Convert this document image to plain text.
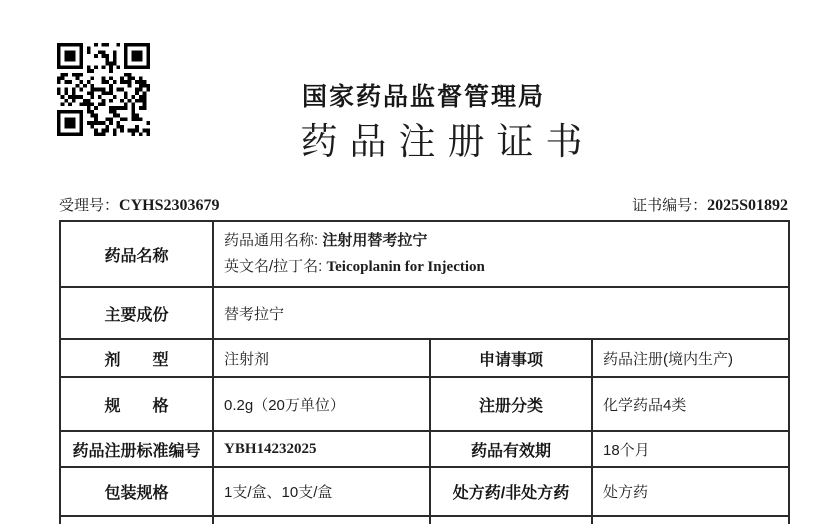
国家药品监督管理局
药品注册证书
受理号：CYHS2303679	证书编号：2025S01892
药品名称	药品通用名称: 注射用替考拉宁
英文名/拉丁名: Teicoplanin for Injection		

主要成份	替考拉宁		
剂　　型	注射剂	申请事项	药品注册(境内生产)
规　　格	0.2g（20万单位）	注册分类	化学药品4类
药品注册标准编号	YBH14232025	药品有效期	18个月
包装规格	1支/盒、10支/盒	处方药/非处方药	处方药
